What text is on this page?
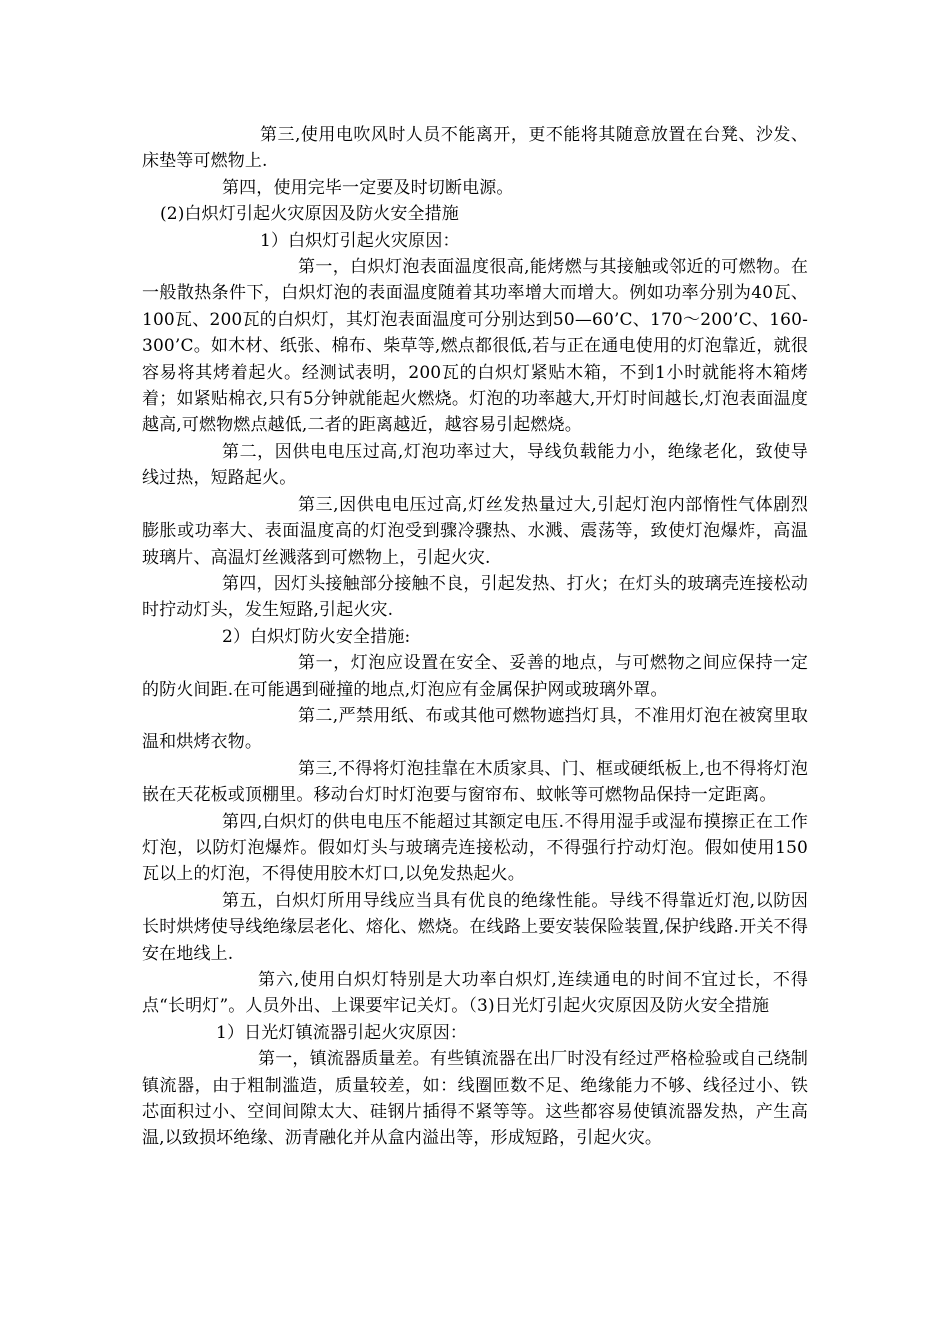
第三,使用电吹风时人员不能离开，更不能将其随意放置在台凳、沙发、床垫等可燃物上.

第四，使用完毕一定要及时切断电源。

(2)白炽灯引起火灾原因及防火安全措施

1）白炽灯引起火灾原因：

第一，白炽灯泡表面温度很高,能烤燃与其接触或邻近的可燃物。在一般散热条件下，白炽灯泡的表面温度随着其功率增大而增大。例如功率分别为40瓦、100瓦、200瓦的白炽灯，其灯泡表面温度可分别达到50—60’C、170～200’C、160-300’C。如木材、纸张、棉布、柴草等,燃点都很低,若与正在通电使用的灯泡靠近，就很容易将其烤着起火。经测试表明，200瓦的白炽灯紧贴木箱，不到1小时就能将木箱烤着；如紧贴棉衣,只有5分钟就能起火燃烧。灯泡的功率越大,开灯时间越长,灯泡表面温度越高,可燃物燃点越低,二者的距离越近，越容易引起燃烧。

第二，因供电电压过高,灯泡功率过大，导线负载能力小，绝缘老化，致使导线过热，短路起火。

第三,因供电电压过高,灯丝发热量过大,引起灯泡内部惰性气体剧烈膨胀或功率大、表面温度高的灯泡受到骤冷骤热、水溅、震荡等，致使灯泡爆炸，高温玻璃片、高温灯丝溅落到可燃物上，引起火灾.

第四，因灯头接触部分接触不良，引起发热、打火；在灯头的玻璃壳连接松动时拧动灯头，发生短路,引起火灾.

2）白炽灯防火安全措施:

第一，灯泡应设置在安全、妥善的地点，与可燃物之间应保持一定的防火间距.在可能遇到碰撞的地点,灯泡应有金属保护网或玻璃外罩。

第二,严禁用纸、布或其他可燃物遮挡灯具，不准用灯泡在被窝里取温和烘烤衣物。

第三,不得将灯泡挂靠在木质家具、门、框或硬纸板上,也不得将灯泡嵌在天花板或顶棚里。移动台灯时灯泡要与窗帘布、蚊帐等可燃物品保持一定距离。

第四,白炽灯的供电电压不能超过其额定电压.不得用湿手或湿布摸擦正在工作灯泡，以防灯泡爆炸。假如灯头与玻璃壳连接松动，不得强行拧动灯泡。假如使用150瓦以上的灯泡，不得使用胶木灯口,以免发热起火。

第五，白炽灯所用导线应当具有优良的绝缘性能。导线不得靠近灯泡,以防因长时烘烤使导线绝缘层老化、熔化、燃烧。在线路上要安装保险装置,保护线路.开关不得安在地线上.

第六,使用白炽灯特别是大功率白炽灯,连续通电的时间不宜过长，不得点“长明灯”。人员外出、上课要牢记关灯。（3)日光灯引起火灾原因及防火安全措施

1）日光灯镇流器引起火灾原因：

第一，镇流器质量差。有些镇流器在出厂时没有经过严格检验或自己绕制镇流器，由于粗制滥造，质量较差，如：线圈匝数不足、绝缘能力不够、线径过小、铁芯面积过小、空间间隙太大、硅钢片插得不紧等等。这些都容易使镇流器发热，产生高温,以致损坏绝缘、沥青融化并从盒内溢出等，形成短路，引起火灾。
